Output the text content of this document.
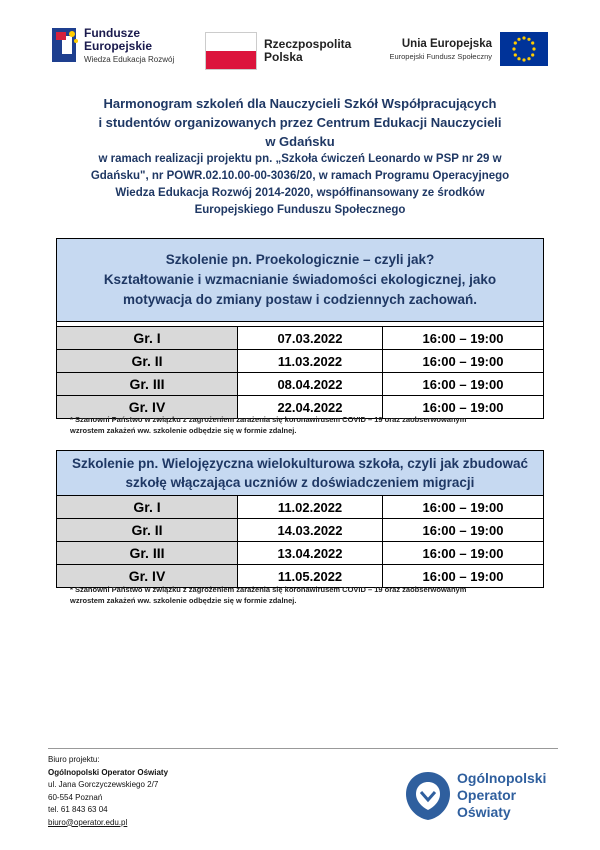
Fundusze
Europejskie
Wiedza Edukacja Rozwój
Rzeczpospolita
Polska
Unia Europejska
Europejski Fundusz Społeczny
Harmonogram szkoleń dla Nauczycieli Szkół Współpracujących
i studentów organizowanych przez Centrum Edukacji Nauczycieli
w Gdańsku
w ramach realizacji projektu pn. „Szkoła ćwiczeń Leonardo w PSP nr 29 w
Gdańsku", nr POWR.02.10.00-00-3036/20, w ramach Programu Operacyjnego
Wiedza Edukacja Rozwój 2014-2020, współfinansowany ze środków
Europejskiego Funduszu Społecznego
Szkolenie pn. Proekologicznie – czyli jak?
Kształtowanie i wzmacnianie świadomości ekologicznej, jako
motywacja do zmiany postaw i codziennych zachowań.		

Gr. I	07.03.2022	16:00 – 19:00
Gr. II	11.03.2022	16:00 – 19:00
Gr. III	08.04.2022	16:00 – 19:00
Gr. IV	22.04.2022	16:00 – 19:00
* Szanowni Państwo w związku z zagrożeniem zarażenia się koronawirusem COVID – 19 oraz zaobserwowanym
wzrostem zakażeń ww. szkolenie odbędzie się w formie zdalnej.
Szkolenie pn. Wielojęzyczna wielokulturowa szkoła, czyli jak zbudować
szkołę włączająca uczniów z doświadczeniem migracji		

Gr. I	11.02.2022	16:00 – 19:00
Gr. II	14.03.2022	16:00 – 19:00
Gr. III	13.04.2022	16:00 – 19:00
Gr. IV	11.05.2022	16:00 – 19:00
* Szanowni Państwo w związku z zagrożeniem zarażenia się koronawirusem COVID – 19 oraz zaobserwowanym
wzrostem zakażeń ww. szkolenie odbędzie się w formie zdalnej.
Biuro projektu:
Ogólnopolski Operator Oświaty
ul. Jana Gorczyczewskiego 2/7
60-554 Poznań
tel. 61 843 63 04
biuro@operator.edu.pl
Ogólnopolski
Operator
Oświaty
